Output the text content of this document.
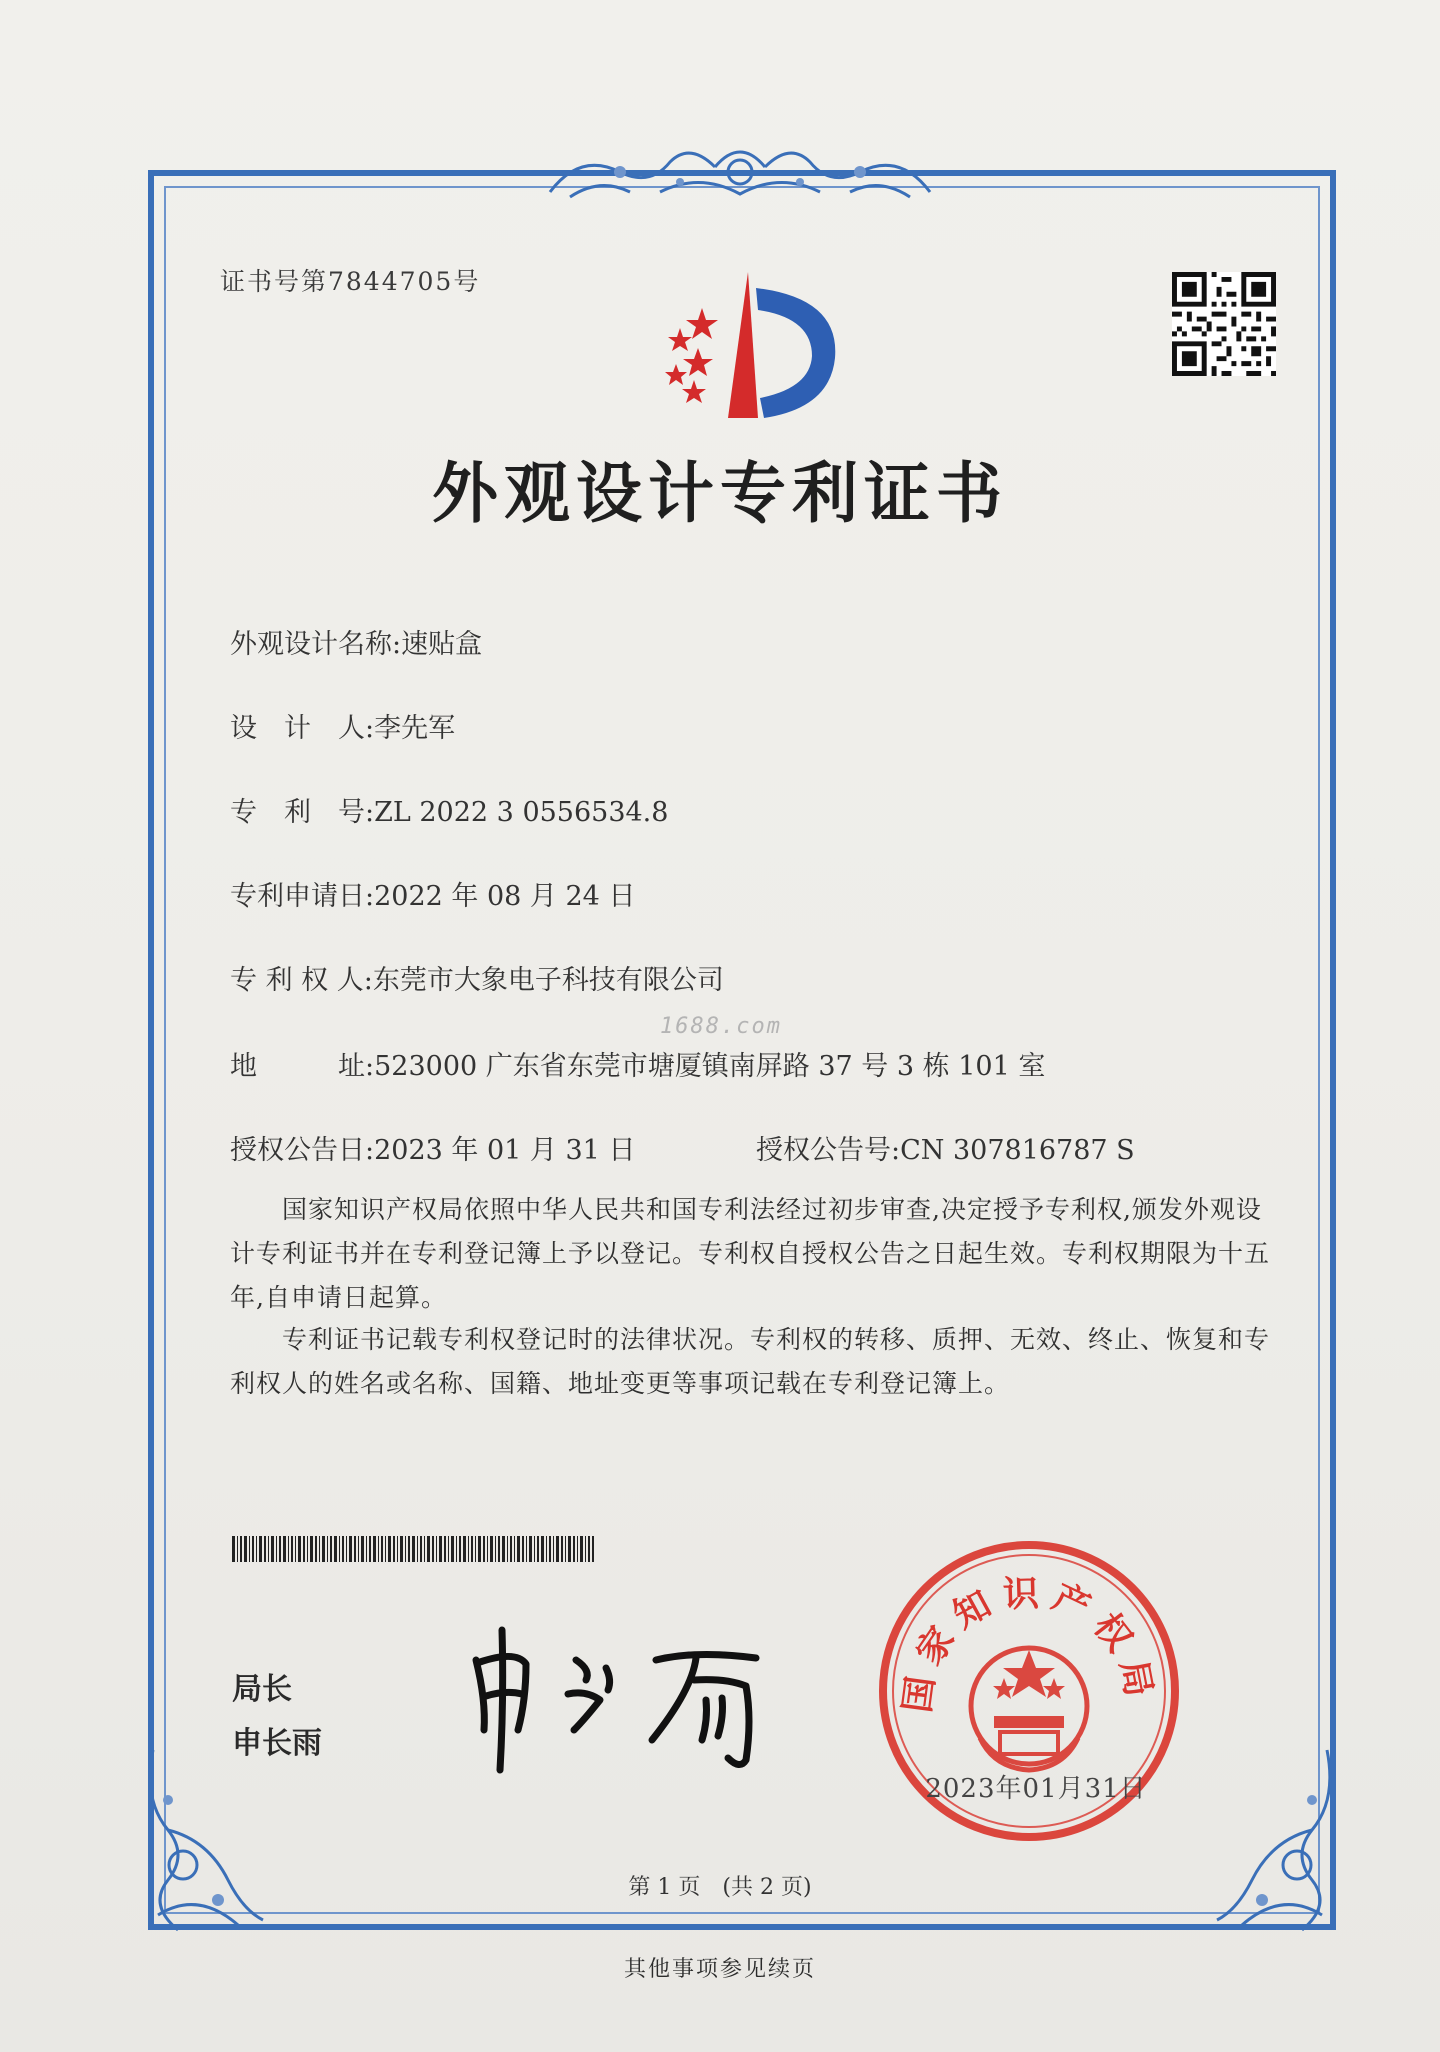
证书号第7844705号
外观设计专利证书
外观设计名称:速贴盒
设　计　人:李先军
专　利　号:ZL 2022 3 0556534.8
专利申请日:2022 年 08 月 24 日
专 利 权 人:东莞市大象电子科技有限公司
1688.com
地　　　址:523000 广东省东莞市塘厦镇南屏路 37 号 3 栋 101 室
授权公告日:2023 年 01 月 31 日	授权公告号:CN 307816787 S
国家知识产权局依照中华人民共和国专利法经过初步审查,决定授予专利权,颁发外观设计专利证书并在专利登记簿上予以登记。专利权自授权公告之日起生效。专利权期限为十五年,自申请日起算。
专利证书记载专利权登记时的法律状况。专利权的转移、质押、无效、终止、恢复和专利权人的姓名或名称、国籍、地址变更等事项记载在专利登记簿上。
局长
申长雨
国家知识产权局
2023年01月31日
第 1 页　(共 2 页)
其他事项参见续页
